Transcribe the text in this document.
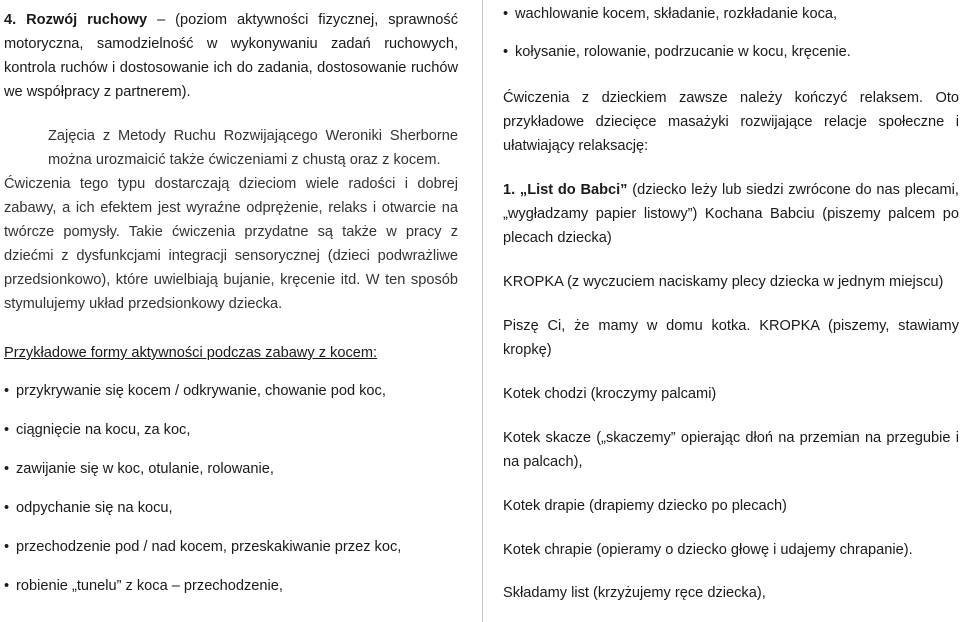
4. Rozwój ruchowy – (poziom aktywności fizycznej, sprawność motoryczna, samodzielność w wykonywaniu zadań ruchowych, kontrola ruchów i dostosowanie ich do zadania, dostosowanie ruchów we współpracy z partnerem).

Zajęcia z Metody Ruchu Rozwijającego Weroniki Sherborne można urozmaicić także ćwiczeniami z chustą oraz z kocem.

Ćwiczenia tego typu dostarczają dzieciom wiele radości i dobrej zabawy, a ich efektem jest wyraźne odprężenie, relaks i otwarcie na twórcze pomysły. Takie ćwiczenia przydatne są także w pracy z dziećmi z dysfunkcjami integracji sensorycznej (dzieci podwrażliwe przedsionkowo), które uwielbiają bujanie, kręcenie itd. W ten sposób stymulujemy układ przedsionkowy dziecka.

Przykładowe formy aktywności podczas zabawy z kocem:

• przykrywanie się kocem / odkrywanie, chowanie pod koc,
• ciągnięcie na kocu, za koc,
• zawijanie się w koc, otulanie, rolowanie,
• odpychanie się na kocu,
• przechodzenie pod / nad kocem, przeskakiwanie przez koc,
• robienie „tunelu” z koca – przechodzenie,
• wachlowanie kocem, składanie, rozkładanie koca,
• kołysanie, rolowanie, podrzucanie w kocu, kręcenie.

Ćwiczenia z dzieckiem zawsze należy kończyć relaksem. Oto przykładowe dziecięce masażyki rozwijające relacje społeczne i ułatwiający relaksację:

1. „List do Babci” (dziecko leży lub siedzi zwrócone do nas plecami, „wygładzamy papier listowy”) Kochana Babciu (piszemy palcem po plecach dziecka)

KROPKA (z wyczuciem naciskamy plecy dziecka w jednym miejscu)

Piszę Ci, że mamy w domu kotka. KROPKA (piszemy, stawiamy kropkę)

Kotek chodzi (kroczymy palcami)

Kotek skacze („skaczemy” opierając dłoń na przemian na przegubie i na palcach),

Kotek drapie (drapiemy dziecko po plecach)

Kotek chrapie (opieramy o dziecko głowę i udajemy chrapanie).

Składamy list (krzyżujemy ręce dziecka),
